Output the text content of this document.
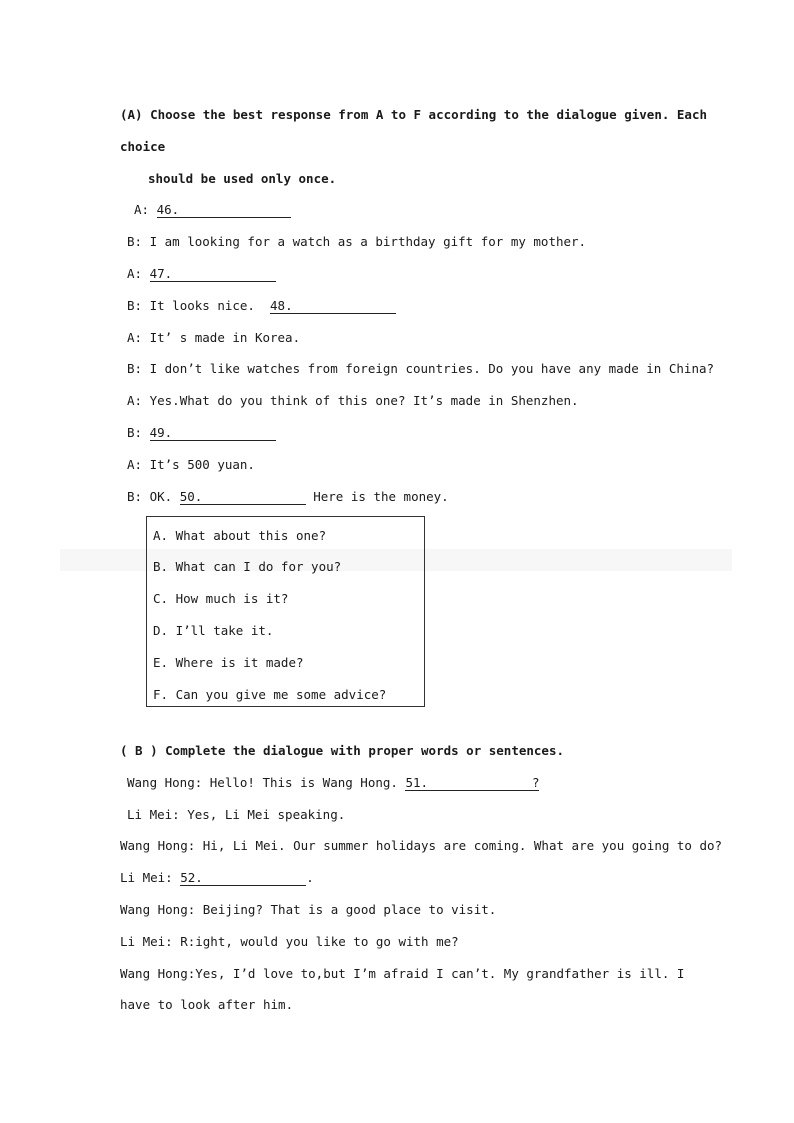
(A) Choose the best response from A to F according to the dialogue given. Each
choice
should be used only once.
A: 46.
B: I am looking for a watch as a birthday gift for my mother.
A: 47.
B: It looks nice. 48.
A: It’ s made in Korea.
B: I don’t like watches from foreign countries. Do you have any made in China?
A: Yes.What do you think of this one? It’s made in Shenzhen.
B: 49.
A: It’s 500 yuan.
B: OK. 50.	Here is the money.
A. What about this one?
B. What can I do for you?
C. How much is it?
D. I’ll take it.
E. Where is it made?
F. Can you give me some advice?
( B ) Complete the dialogue with proper words or sentences.
Wang Hong: Hello! This is Wang Hong. 51.	?
Li Mei: Yes, Li Mei speaking.
Wang Hong: Hi, Li Mei. Our summer holidays are coming. What are you going to do?
Li Mei: 52.	.
Wang Hong: Beijing? That is a good place to visit.
Li Mei: R:ight, would you like to go with me?
Wang Hong:Yes, I’d love to,but I’m afraid I can’t. My grandfather is ill. I
have to look after him.
